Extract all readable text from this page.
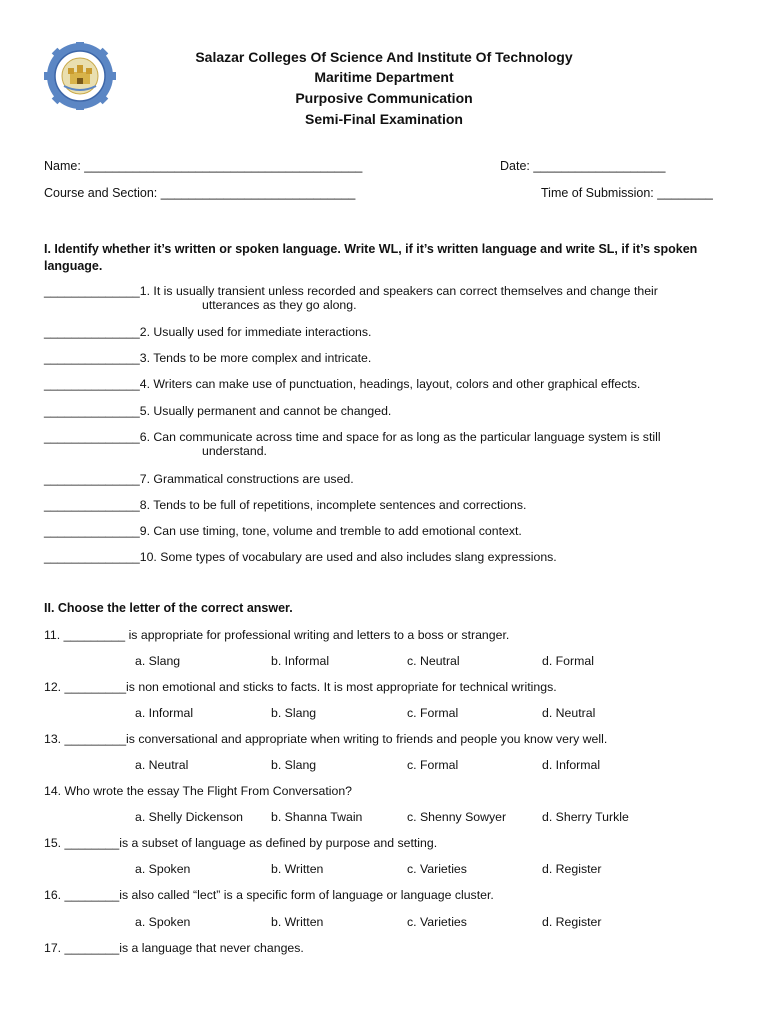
Salazar Colleges Of Science And Institute Of Technology
Maritime Department
Purposive Communication
Semi-Final Examination
Name: ________________________________________	Date: ___________________
Course and Section: ____________________________	Time of Submission: ________
I. Identify whether it’s written or spoken language. Write WL, if it’s written language and write SL, if it’s spoken language.
______________1. It is usually transient unless recorded and speakers can correct themselves and change their
utterances as they go along.
______________2. Usually used for immediate interactions.
______________3. Tends to be more complex and intricate.
______________4. Writers can make use of punctuation, headings, layout, colors and other graphical effects.
______________5. Usually permanent and cannot be changed.
______________6. Can communicate across time and space for as long as the particular language system is still
understand.
______________7. Grammatical constructions are used.
______________8. Tends to be full of repetitions, incomplete sentences and corrections.
______________9. Can use timing, tone, volume and tremble to add emotional context.
______________10. Some types of vocabulary are used and also includes slang expressions.
II. Choose the letter of the correct answer.
11. _________ is appropriate for professional writing and letters to a boss or stranger.
a. Slang	b. Informal	c. Neutral	d. Formal
12. _________is non emotional and sticks to facts. It is most appropriate for technical writings.
a. Informal	b. Slang	c. Formal	d. Neutral
13. _________is conversational and appropriate when writing to friends and people you know very well.
a. Neutral	b. Slang	c. Formal	d. Informal
14. Who wrote the essay The Flight From Conversation?
a. Shelly Dickenson b. Shanna Twain	c. Shenny Sowyer	d. Sherry Turkle
15. ________is a subset of language as defined by purpose and setting.
a. Spoken	b. Written	c. Varieties	d. Register
16. ________is also called “lect” is a specific form of language or language cluster.
a. Spoken	b. Written	c. Varieties	d. Register
17. ________is a language that never changes.
